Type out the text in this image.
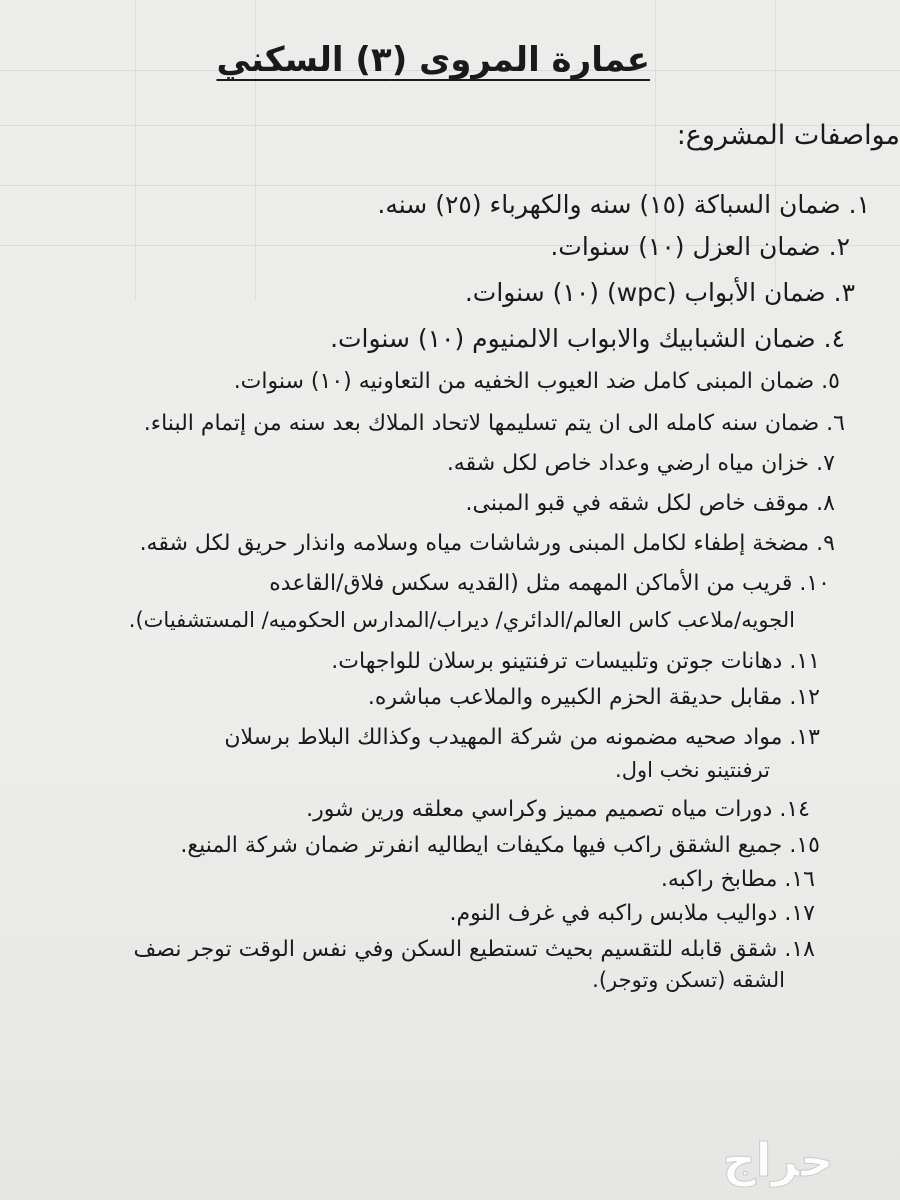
عمارة المروى (٣) السكني
مواصفات المشروع:
١. ضمان السباكة (١٥) سنه والكهرباء (٢٥) سنه.
٢. ضمان العزل (١٠) سنوات.
٣. ضمان الأبواب (wpc) (١٠) سنوات.
٤. ضمان الشبابيك والابواب الالمنيوم (١٠) سنوات.
٥. ضمان المبنى كامل ضد العيوب الخفيه من التعاونيه (١٠) سنوات.
٦. ضمان سنه كامله الى ان يتم تسليمها لاتحاد الملاك بعد سنه من إتمام البناء.
٧. خزان مياه ارضي وعداد خاص لكل شقه.
٨. موقف خاص لكل شقه في قبو المبنى.
٩. مضخة إطفاء لكامل المبنى ورشاشات مياه وسلامه وانذار حريق لكل شقه.
١٠. قريب من الأماكن المهمه مثل (القديه سكس فلاق/القاعده
الجويه/ملاعب كاس العالم/الدائري/ ديراب/المدارس الحكوميه/ المستشفيات).
١١. دهانات جوتن وتلبيسات ترفنتينو برسلان للواجهات.
١٢. مقابل حديقة الحزم الكبيره والملاعب مباشره.
١٣. مواد صحيه مضمونه من شركة المهيدب وكذالك البلاط برسلان
ترفنتينو نخب اول.
١٤. دورات مياه تصميم مميز وكراسي معلقه ورين شور.
١٥. جميع الشقق راكب فيها مكيفات ايطاليه انفرتر ضمان شركة المنيع.
١٦. مطابخ راكبه.
١٧. دواليب ملابس راكبه في غرف النوم.
١٨. شقق قابله للتقسيم بحيث تستطيع السكن وفي نفس الوقت توجر نصف
الشقه (تسكن وتوجر).
حراج
